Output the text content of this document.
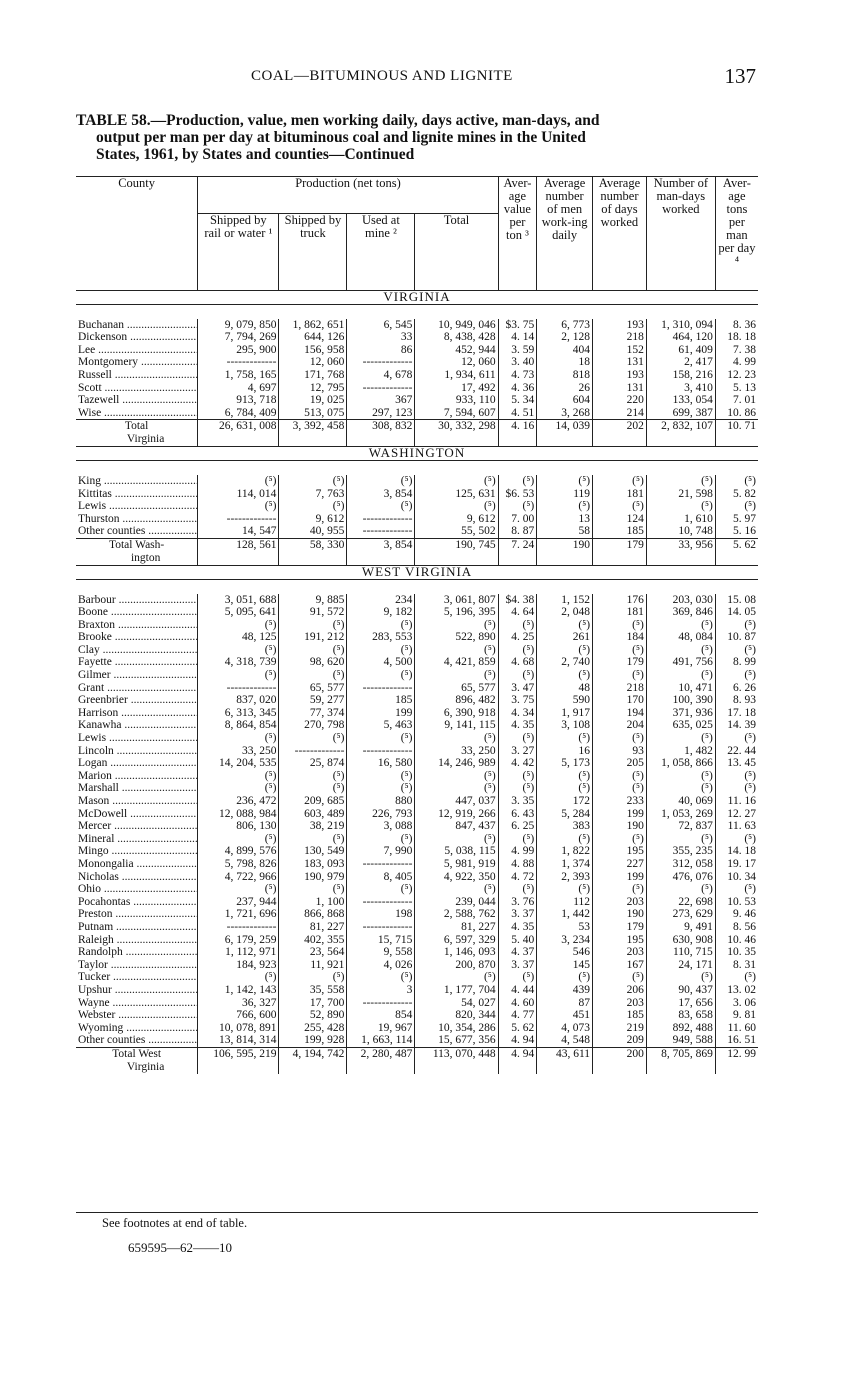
COAL—BITUMINOUS AND LIGNITE	137
TABLE 58.—Production, value, men working daily, days active, man-days, and
output per man per day at bituminous coal and lignite mines in the United
States, 1961, by States and counties—Continued
County	Production (net tons)				Aver-age value per ton ³	Average number of men work-ing daily	Average number of days worked	Number of man-days worked	Aver-age tons per man per day ⁴
	Shipped by rail or water ¹	Shipped by truck	Used at mine ²	Total					
VIRGINIA									

Buchanan .....	9, 079, 850	1, 862, 651	6, 545	10, 949, 046	$3. 75	6, 773	193	1, 310, 094	8. 36
Dickenson .....	7, 794, 269	644, 126	33	8, 438, 428	4. 14	2, 128	218	464, 120	18. 18
Lee .....	295, 900	156, 958	86	452, 944	3. 59	404	152	61, 409	7. 38
Montgomery .....	-------------	12, 060	-------------	12, 060	3. 40	18	131	2, 417	4. 99
Russell .....	1, 758, 165	171, 768	4, 678	1, 934, 611	4. 73	818	193	158, 216	12. 23
Scott .....	4, 697	12, 795	-------------	17, 492	4. 36	26	131	3, 410	5. 13
Tazewell .....	913, 718	19, 025	367	933, 110	5. 34	604	220	133, 054	7. 01
Wise .....	6, 784, 409	513, 075	297, 123	7, 594, 607	4. 51	3, 268	214	699, 387	10. 86

Total
Virginia	26, 631, 008	3, 392, 458	308, 832	30, 332, 298	4. 16	14, 039	202	2, 832, 107	10. 71
WASHINGTON									

King .....	(⁵)	(⁵)	(⁵)	(⁵)	(⁵)	(⁵)	(⁵)	(⁵)	(⁵)
Kittitas .....	114, 014	7, 763	3, 854	125, 631	$6. 53	119	181	21, 598	5. 82
Lewis .....	(⁵)	(⁵)	(⁵)	(⁵)	(⁵)	(⁵)	(⁵)	(⁵)	(⁵)
Thurston .....	-------------	9, 612	-------------	9, 612	7. 00	13	124	1, 610	5. 97
Other counties .....	14, 547	40, 955	-------------	55, 502	8. 87	58	185	10, 748	5. 16

Total Wash-
ington	128, 561	58, 330	3, 854	190, 745	7. 24	190	179	33, 956	5. 62
WEST VIRGINIA									

Barbour .....	3, 051, 688	9, 885	234	3, 061, 807	$4. 38	1, 152	176	203, 030	15. 08
Boone .....	5, 095, 641	91, 572	9, 182	5, 196, 395	4. 64	2, 048	181	369, 846	14. 05
Braxton .....	(⁵)	(⁵)	(⁵)	(⁵)	(⁵)	(⁵)	(⁵)	(⁵)	(⁵)
Brooke .....	48, 125	191, 212	283, 553	522, 890	4. 25	261	184	48, 084	10. 87
Clay .....	(⁵)	(⁵)	(⁵)	(⁵)	(⁵)	(⁵)	(⁵)	(⁵)	(⁵)
Fayette .....	4, 318, 739	98, 620	4, 500	4, 421, 859	4. 68	2, 740	179	491, 756	8. 99
Gilmer .....	(⁵)	(⁵)	(⁵)	(⁵)	(⁵)	(⁵)	(⁵)	(⁵)	(⁵)
Grant .....	-------------	65, 577	-------------	65, 577	3. 47	48	218	10, 471	6. 26
Greenbrier .....	837, 020	59, 277	185	896, 482	3. 75	590	170	100, 390	8. 93
Harrison .....	6, 313, 345	77, 374	199	6, 390, 918	4. 34	1, 917	194	371, 936	17. 18
Kanawha .....	8, 864, 854	270, 798	5, 463	9, 141, 115	4. 35	3, 108	204	635, 025	14. 39
Lewis .....	(⁵)	(⁵)	(⁵)	(⁵)	(⁵)	(⁵)	(⁵)	(⁵)	(⁵)
Lincoln .....	33, 250	-------------	-------------	33, 250	3. 27	16	93	1, 482	22. 44
Logan .....	14, 204, 535	25, 874	16, 580	14, 246, 989	4. 42	5, 173	205	1, 058, 866	13. 45
Marion .....	(⁵)	(⁵)	(⁵)	(⁵)	(⁵)	(⁵)	(⁵)	(⁵)	(⁵)
Marshall .....	(⁵)	(⁵)	(⁵)	(⁵)	(⁵)	(⁵)	(⁵)	(⁵)	(⁵)
Mason .....	236, 472	209, 685	880	447, 037	3. 35	172	233	40, 069	11. 16
McDowell .....	12, 088, 984	603, 489	226, 793	12, 919, 266	6. 43	5, 284	199	1, 053, 269	12. 27
Mercer .....	806, 130	38, 219	3, 088	847, 437	6. 25	383	190	72, 837	11. 63
Mineral .....	(⁵)	(⁵)	(⁵)	(⁵)	(⁵)	(⁵)	(⁵)	(⁵)	(⁵)
Mingo .....	4, 899, 576	130, 549	7, 990	5, 038, 115	4. 99	1, 822	195	355, 235	14. 18
Monongalia .....	5, 798, 826	183, 093	-------------	5, 981, 919	4. 88	1, 374	227	312, 058	19. 17
Nicholas .....	4, 722, 966	190, 979	8, 405	4, 922, 350	4. 72	2, 393	199	476, 076	10. 34
Ohio .....	(⁵)	(⁵)	(⁵)	(⁵)	(⁵)	(⁵)	(⁵)	(⁵)	(⁵)
Pocahontas .....	237, 944	1, 100	-------------	239, 044	3. 76	112	203	22, 698	10. 53
Preston .....	1, 721, 696	866, 868	198	2, 588, 762	3. 37	1, 442	190	273, 629	9. 46
Putnam .....	-------------	81, 227	-------------	81, 227	4. 35	53	179	9, 491	8. 56
Raleigh .....	6, 179, 259	402, 355	15, 715	6, 597, 329	5. 40	3, 234	195	630, 908	10. 46
Randolph .....	1, 112, 971	23, 564	9, 558	1, 146, 093	4. 37	546	203	110, 715	10. 35
Taylor .....	184, 923	11, 921	4, 026	200, 870	3. 37	145	167	24, 171	8. 31
Tucker .....	(⁵)	(⁵)	(⁵)	(⁵)	(⁵)	(⁵)	(⁵)	(⁵)	(⁵)
Upshur .....	1, 142, 143	35, 558	3	1, 177, 704	4. 44	439	206	90, 437	13. 02
Wayne .....	36, 327	17, 700	-------------	54, 027	4. 60	87	203	17, 656	3. 06
Webster .....	766, 600	52, 890	854	820, 344	4. 77	451	185	83, 658	9. 81
Wyoming .....	10, 078, 891	255, 428	19, 967	10, 354, 286	5. 62	4, 073	219	892, 488	11. 60
Other counties .....	13, 814, 314	199, 928	1, 663, 114	15, 677, 356	4. 94	4, 548	209	949, 588	16. 51

Total West
Virginia	106, 595, 219	4, 194, 742	2, 280, 487	113, 070, 448	4. 94	43, 611	200	8, 705, 869	12. 99
See footnotes at end of table.
659595—62——10
